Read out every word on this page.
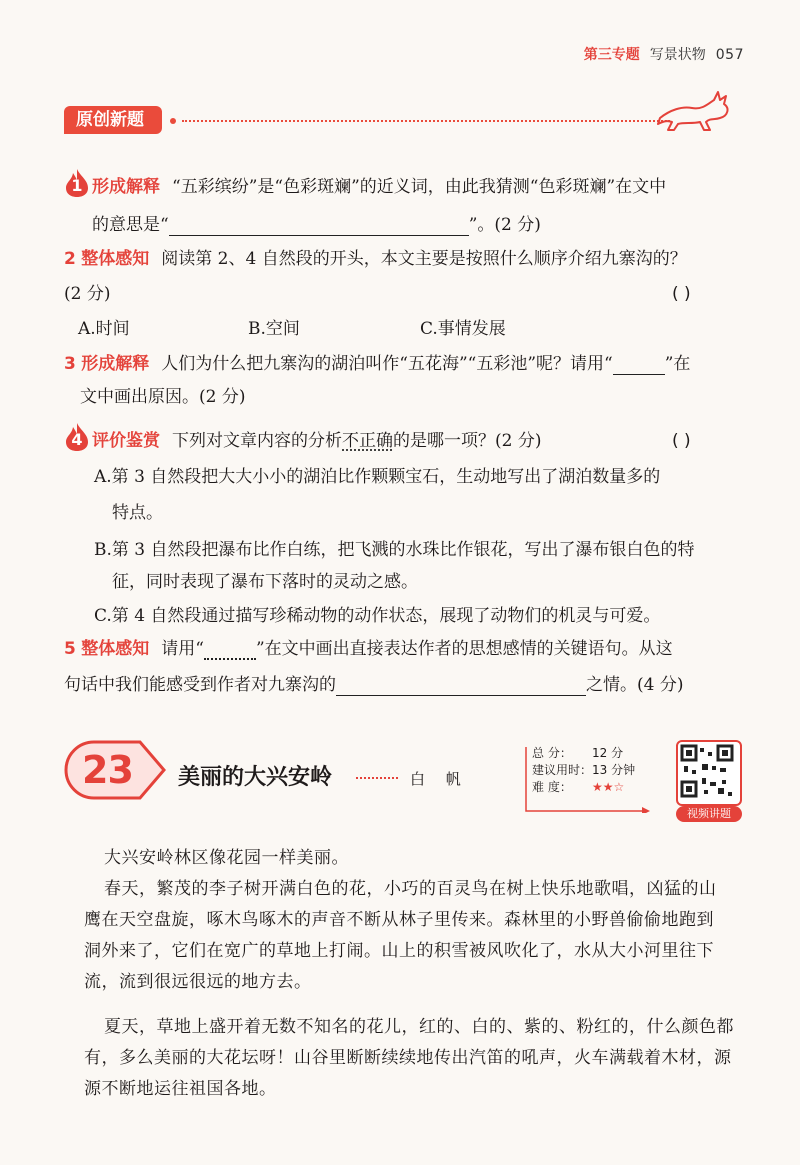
第三专题 写景状物 057
原创新题
1 形成解释 “五彩缤纷”是“色彩斑斓”的近义词，由此我猜测“色彩斑斓”在文中
的意思是“	”。(2 分)
2 整体感知 阅读第 2、4 自然段的开头，本文主要是按照什么顺序介绍九寨沟的？
(2 分)	( )
A.时间	B.空间	C.事情发展
3 形成解释 人们为什么把九寨沟的湖泊叫作“五花海”“五彩池”呢？请用“	”在
文中画出原因。(2 分)
4 评价鉴赏 下列对文章内容的分析不正确的是哪一项？(2 分)	( )
A.第 3 自然段把大大小小的湖泊比作颗颗宝石，生动地写出了湖泊数量多的
特点。
B.第 3 自然段把瀑布比作白练，把飞溅的水珠比作银花，写出了瀑布银白色的特
征，同时表现了瀑布下落时的灵动之感。
C.第 4 自然段通过描写珍稀动物的动作状态，展现了动物们的机灵与可爱。
5 整体感知 请用“	”在文中画出直接表达作者的思想感情的关键语句。从这
句话中我们能感受到作者对九寨沟的	之情。(4 分)
23 美丽的大兴安岭	白 帆
总 分： 12 分
建议用时：13 分钟
难 度： ★★☆
视频讲题
大兴安岭林区像花园一样美丽。
春天，繁茂的李子树开满白色的花，小巧的百灵鸟在树上快乐地歌唱，凶猛的山
鹰在天空盘旋，啄木鸟啄木的声音不断从林子里传来。森林里的小野兽偷偷地跑到
洞外来了，它们在宽广的草地上打闹。山上的积雪被风吹化了，水从大小河里往下
流，流到很远很远的地方去。
夏天，草地上盛开着无数不知名的花儿，红的、白的、紫的、粉红的，什么颜色都
有，多么美丽的大花坛呀！山谷里断断续续地传出汽笛的吼声，火车满载着木材，源
源不断地运往祖国各地。
